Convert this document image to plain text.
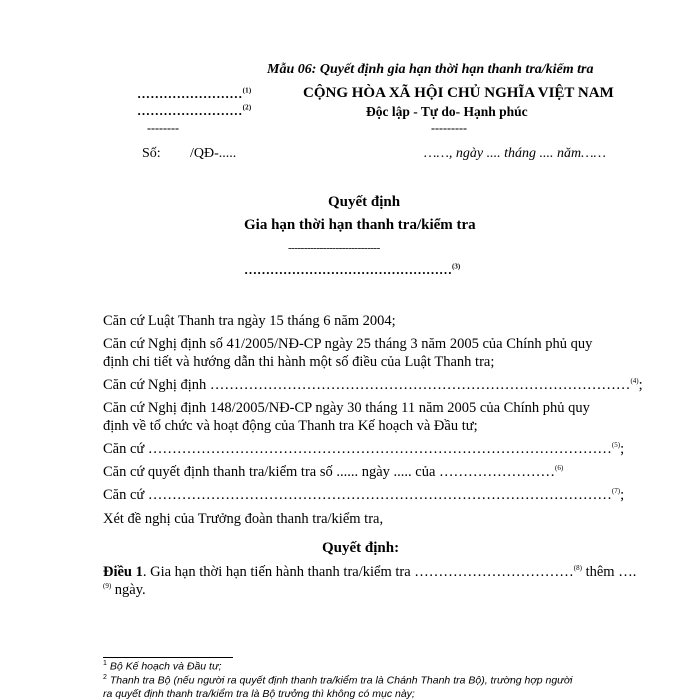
Mẫu 06: Quyết định gia hạn thời hạn thanh tra/kiểm tra
……………………$^{(1)}$
……………………$^{(2)}$
--------
CỘNG HÒA XÃ HỘI CHỦ NGHĨA VIỆT NAM
Độc lập - Tự do- Hạnh phúc
---------
Số: /QĐ-.....	……, ngày .... tháng .... năm……
Quyết định
Gia hạn thời hạn thanh tra/kiểm tra
-----------------------------
…………………………………………$^{(3)}$
Căn cứ Luật Thanh tra ngày 15 tháng 6 năm 2004;
Căn cứ Nghị định số 41/2005/NĐ-CP ngày 25 tháng 3 năm 2005 của Chính phủ quy
định chi tiết và hướng dẫn thi hành một số điều của Luật Thanh tra;
Căn cứ Nghị định ……………………………………………………………………………$^{(4)}$;
Căn cứ Nghị định 148/2005/NĐ-CP ngày 30 tháng 11 năm 2005 của Chính phủ quy
định về tổ chức và hoạt động của Thanh tra Kế hoạch và Đầu tư;
Căn cứ ……………………………………………………………………………………$^{(5)}$;
Căn cứ quyết định thanh tra/kiểm tra số ...... ngày ..... của ……………………$^{(6)}$
Căn cứ ……………………………………………………………………………………$^{(7)}$;
Xét đề nghị của Trưởng đoàn thanh tra/kiểm tra,
Quyết định:
Điều 1. Gia hạn thời hạn tiến hành thanh tra/kiểm tra ……………………………$^{(8)}$ thêm ….
$^{(9)}$ ngày.
$^1$ Bộ Kế hoạch và Đầu tư;
$^2$ Thanh tra Bộ (nếu người ra quyết định thanh tra/kiểm tra là Chánh Thanh tra Bộ), trường hợp người
ra quyết định thanh tra/kiểm tra là Bộ trưởng thì không có mục này;
